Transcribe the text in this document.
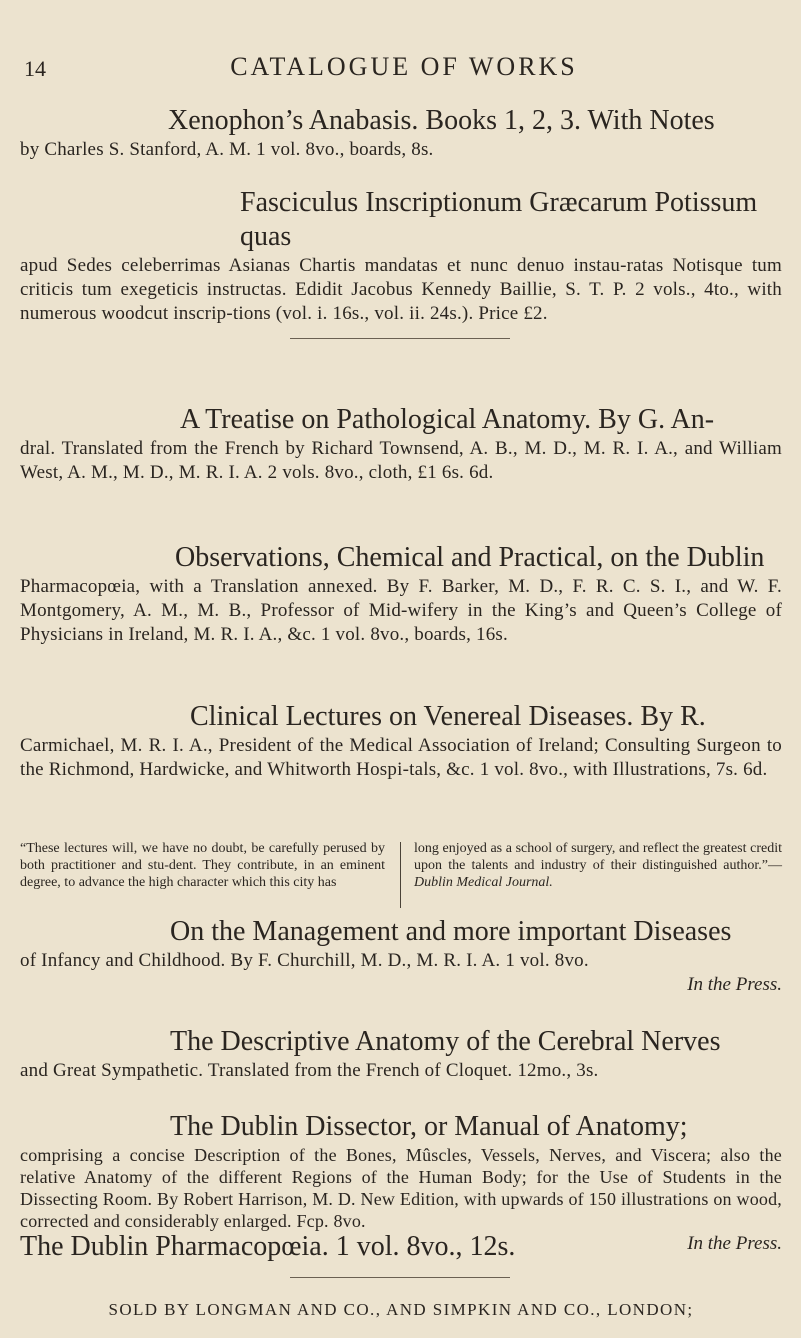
14	CATALOGUE OF WORKS

Xenophon’s Anabasis. Books 1, 2, 3. With Notes

by Charles S. Stanford, A. M. 1 vol. 8vo., boards, 8s.

Fasciculus Inscriptionum Græcarum Potissum quas

apud Sedes celeberrimas Asianas Chartis mandatas et nunc denuo instau-ratas Notisque tum criticis tum exegeticis instructas. Edidit Jacobus Kennedy Baillie, S. T. P. 2 vols., 4to., with numerous woodcut inscrip-tions (vol. i. 16s., vol. ii. 24s.). Price £2.

A Treatise on Pathological Anatomy. By G. An-

dral. Translated from the French by Richard Townsend, A. B., M. D., M. R. I. A., and William West, A. M., M. D., M. R. I. A. 2 vols. 8vo., cloth, £1 6s. 6d.

Observations, Chemical and Practical, on the Dublin

Pharmacopœia, with a Translation annexed. By F. Barker, M. D., F. R. C. S. I., and W. F. Montgomery, A. M., M. B., Professor of Mid-wifery in the King’s and Queen’s College of Physicians in Ireland, M. R. I. A., &c. 1 vol. 8vo., boards, 16s.

Clinical Lectures on Venereal Diseases. By R.

Carmichael, M. R. I. A., President of the Medical Association of Ireland; Consulting Surgeon to the Richmond, Hardwicke, and Whitworth Hospi-tals, &c. 1 vol. 8vo., with Illustrations, 7s. 6d.

“These lectures will, we have no doubt, be carefully perused by both practitioner and stu-dent. They contribute, in an eminent degree, to advance the high character which this city has
long enjoyed as a school of surgery, and reflect the greatest credit upon the talents and industry of their distinguished author.”—Dublin Medical Journal.

On the Management and more important Diseases

of Infancy and Childhood. By F. Churchill, M. D., M. R. I. A. 1 vol. 8vo.

In the Press.

SOLD BY LONGMAN AND CO., AND SIMPKIN AND CO., LONDON;

The Descriptive Anatomy of the Cerebral Nerves

and Great Sympathetic. Translated from the French of Cloquet. 12mo., 3s.

The Dublin Dissector, or Manual of Anatomy;

comprising a concise Description of the Bones, Mûscles, Vessels, Nerves, and Viscera; also the relative Anatomy of the different Regions of the Human Body; for the Use of Students in the Dissecting Room. By Robert Harrison, M. D. New Edition, with upwards of 150 illustrations on wood, corrected and considerably enlarged. Fcp. 8vo.

In the Press.

The Dublin Pharmacopœia. 1 vol. 8vo., 12s.
